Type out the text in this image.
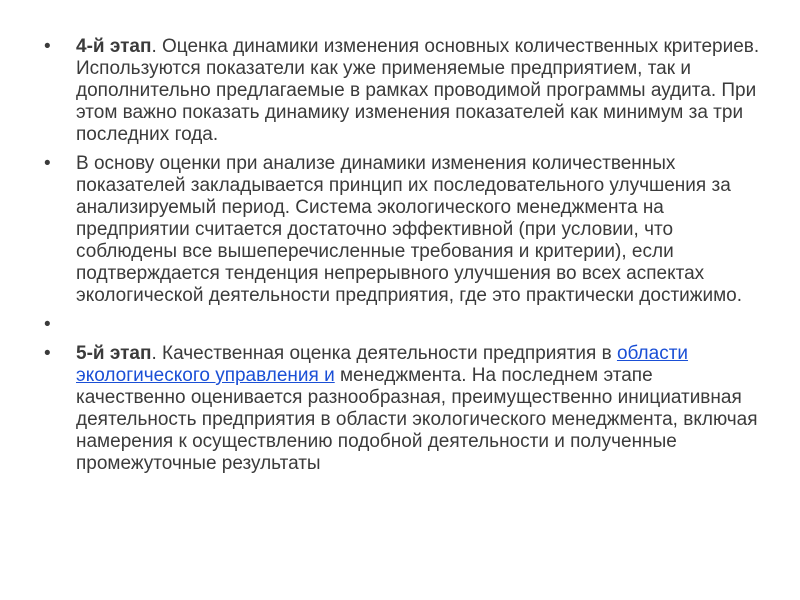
• 4-й этап. Оценка динамики изменения основных количественных критериев. Используются показатели как уже применяемые предприятием, так и дополнительно предлагаемые в рамках проводимой программы аудита. При этом важно показать динамику изменения показателей как минимум за три последних года.
• В основу оценки при анализе динамики изменения количественных показателей закладывается принцип их последовательного улучшения за анализируемый период. Система экологического менеджмента на предприятии считается достаточно эффективной (при условии, что соблюдены все вышеперечисленные требования и критерии), если подтверждается тенденция непрерывного улучшения во всех аспектах экологической деятельности предприятия, где это практически достижимо.
•
• 5-й этап. Качественная оценка деятельности предприятия в области экологического управления и менеджмента. На последнем этапе качественно оценивается разнообразная, преимущественно инициативная деятельность предприятия в области экологического менеджмента, включая намерения к осуществлению подобной деятельности и полученные промежуточные результаты
